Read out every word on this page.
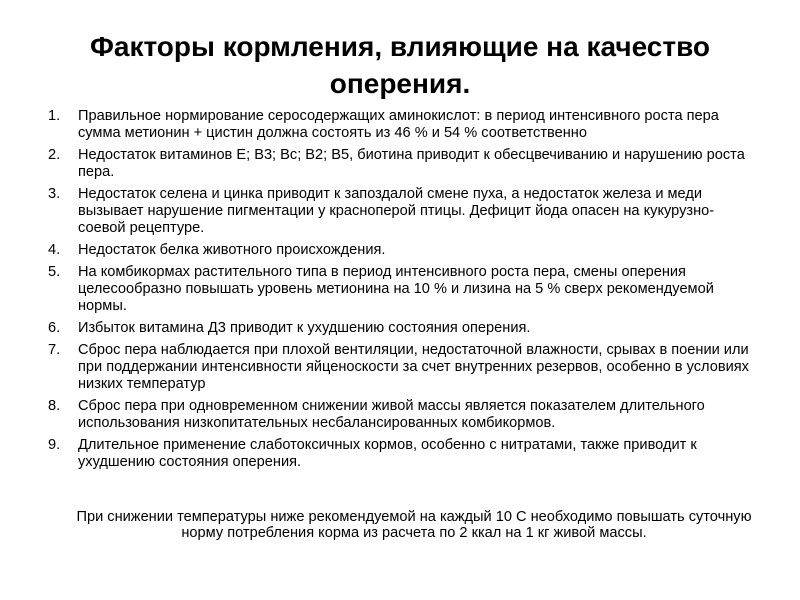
Факторы кормления, влияющие на качество оперения.
1.	Правильное нормирование серосодержащих аминокислот: в период интенсивного роста пера сумма метионин + цистин должна состоять из 46 % и 54 % соответственно
2.	Недостаток витаминов Е; В3; Вс; В2; В5, биотина приводит к обесцвечиванию и нарушению роста пера.
3.	Недостаток селена и цинка приводит к запоздалой смене пуха, а недостаток железа и меди вызывает нарушение пигментации у красноперой птицы. Дефицит йода опасен на кукурузно-соевой рецептуре.
4.	Недостаток белка животного происхождения.
5.	На комбикормах растительного типа в период интенсивного роста пера, смены оперения целесообразно повышать уровень метионина на 10 % и лизина на 5 % сверх рекомендуемой нормы.
6.	Избыток витамина Д3 приводит к ухудшению состояния оперения.
7.	Сброс пера наблюдается при плохой вентиляции, недостаточной влажности, срывах в поении или при поддержании интенсивности яйценоскости за счет внутренних резервов, особенно в условиях низких температур
8.	Сброс пера при одновременном снижении живой массы является показателем длительного использования низкопитательных несбалансированных комбикормов.
9.	Длительное применение слаботоксичных кормов, особенно с нитратами, также приводит к ухудшению состояния оперения.

При снижении температуры ниже рекомендуемой на каждый 10 С необходимо повышать суточную норму потребления корма из расчета по 2 ккал на 1 кг живой массы.
